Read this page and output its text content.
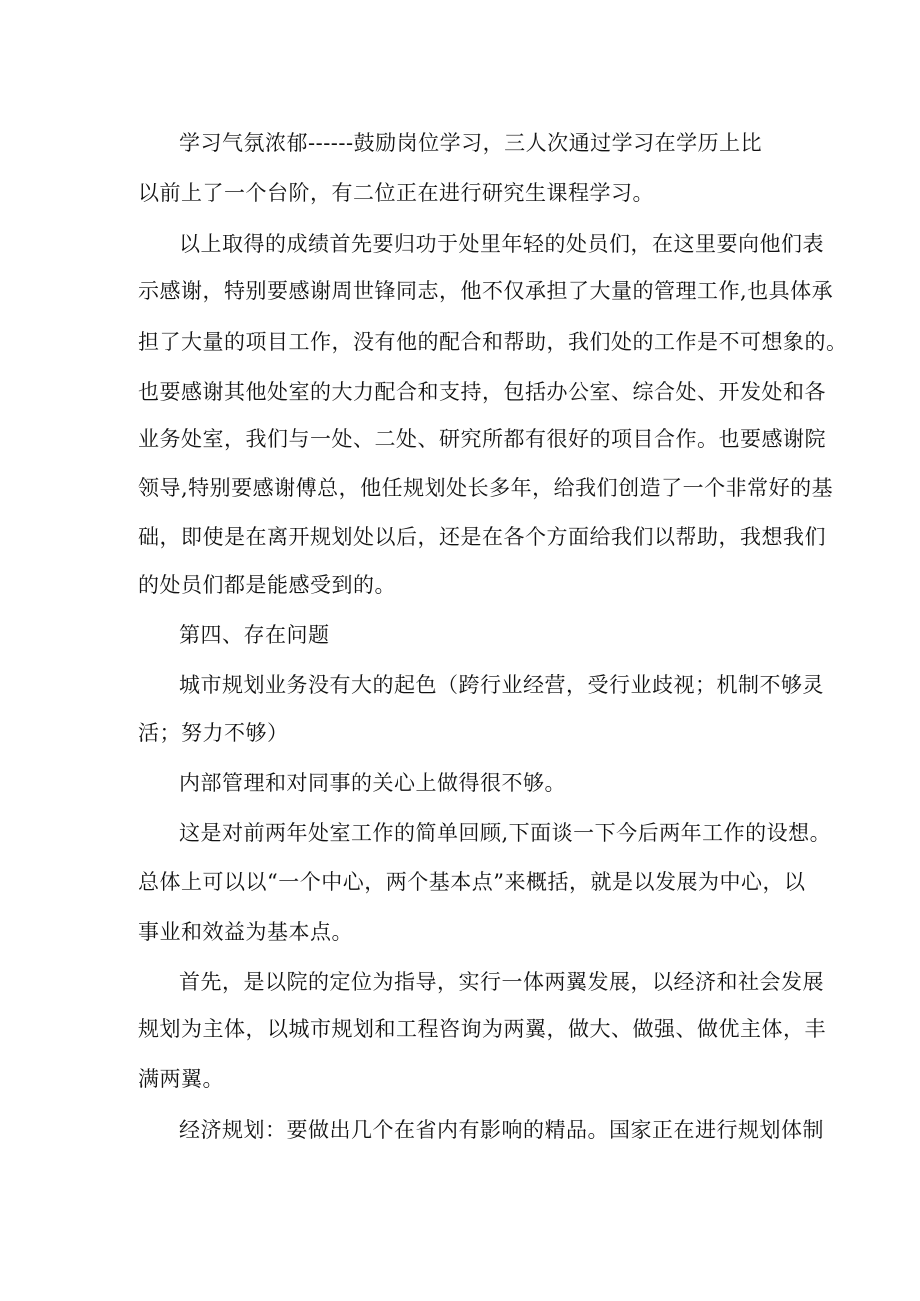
学习气氛浓郁------鼓励岗位学习，三人次通过学习在学历上比
以前上了一个台阶，有二位正在进行研究生课程学习。
以上取得的成绩首先要归功于处里年轻的处员们，在这里要向他们表
示感谢，特别要感谢周世锋同志，他不仅承担了大量的管理工作,也具体承
担了大量的项目工作，没有他的配合和帮助，我们处的工作是不可想象的。
也要感谢其他处室的大力配合和支持，包括办公室、综合处、开发处和各
业务处室，我们与一处、二处、研究所都有很好的项目合作。也要感谢院
领导,特别要感谢傅总，他任规划处长多年，给我们创造了一个非常好的基
础，即使是在离开规划处以后，还是在各个方面给我们以帮助，我想我们
的处员们都是能感受到的。
第四、存在问题
城市规划业务没有大的起色（跨行业经营，受行业歧视；机制不够灵
活；努力不够）
内部管理和对同事的关心上做得很不够。
这是对前两年处室工作的简单回顾,下面谈一下今后两年工作的设想。
总体上可以以“一个中心，两个基本点”来概括，就是以发展为中心，以
事业和效益为基本点。
首先，是以院的定位为指导，实行一体两翼发展，以经济和社会发展
规划为主体，以城市规划和工程咨询为两翼，做大、做强、做优主体，丰
满两翼。
经济规划：要做出几个在省内有影响的精品。国家正在进行规划体制
